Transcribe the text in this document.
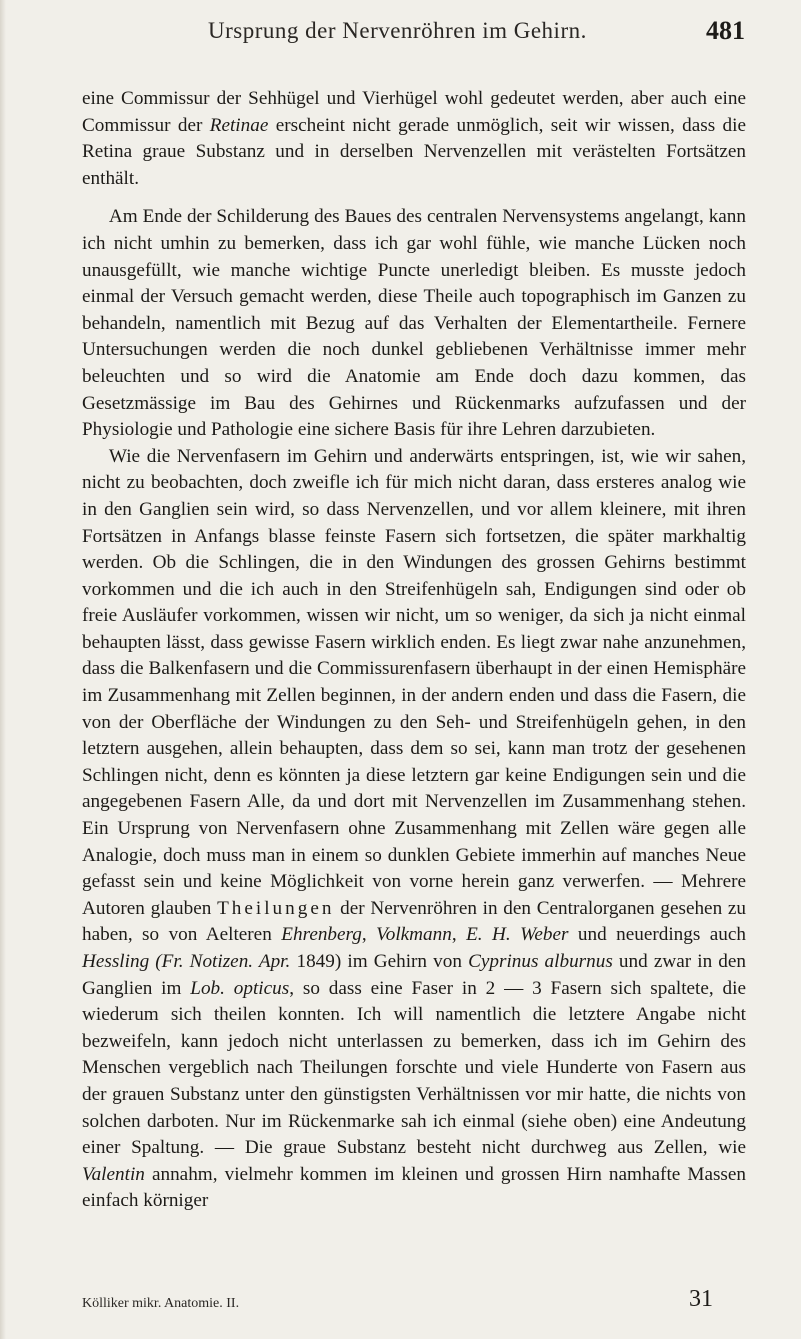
Ursprung der Nervenröhren im Gehirn.	481

eine Commissur der Sehhügel und Vierhügel wohl gedeutet werden, aber auch eine Commissur der Retinae erscheint nicht gerade unmöglich, seit wir wissen, dass die Retina graue Substanz und in derselben Nervenzellen mit verästelten Fortsätzen enthält.

Am Ende der Schilderung des Baues des centralen Nervensystems angelangt, kann ich nicht umhin zu bemerken, dass ich gar wohl fühle, wie manche Lücken noch unausgefüllt, wie manche wichtige Puncte unerledigt bleiben. Es musste jedoch einmal der Versuch gemacht werden, diese Theile auch topographisch im Ganzen zu behandeln, namentlich mit Bezug auf das Verhalten der Elementartheile. Fernere Untersuchungen werden die noch dunkel gebliebenen Verhältnisse immer mehr beleuchten und so wird die Anatomie am Ende doch dazu kommen, das Gesetzmässige im Bau des Gehirnes und Rückenmarks aufzufassen und der Physiologie und Pathologie eine sichere Basis für ihre Lehren darzubieten.

Wie die Nervenfasern im Gehirn und anderwärts entspringen, ist, wie wir sahen, nicht zu beobachten, doch zweifle ich für mich nicht daran, dass ersteres analog wie in den Ganglien sein wird, so dass Nervenzellen, und vor allem kleinere, mit ihren Fortsätzen in Anfangs blasse feinste Fasern sich fortsetzen, die später markhaltig werden. Ob die Schlingen, die in den Windungen des grossen Gehirns bestimmt vorkommen und die ich auch in den Streifenhügeln sah, Endigungen sind oder ob freie Ausläufer vorkommen, wissen wir nicht, um so weniger, da sich ja nicht einmal behaupten lässt, dass gewisse Fasern wirklich enden. Es liegt zwar nahe anzunehmen, dass die Balkenfasern und die Commissurenfasern überhaupt in der einen Hemisphäre im Zusammenhang mit Zellen beginnen, in der andern enden und dass die Fasern, die von der Oberfläche der Windungen zu den Seh- und Streifenhügeln gehen, in den letztern ausgehen, allein behaupten, dass dem so sei, kann man trotz der gesehenen Schlingen nicht, denn es könnten ja diese letztern gar keine Endigungen sein und die angegebenen Fasern Alle, da und dort mit Nervenzellen im Zusammenhang stehen. Ein Ursprung von Nervenfasern ohne Zusammenhang mit Zellen wäre gegen alle Analogie, doch muss man in einem so dunklen Gebiete immerhin auf manches Neue gefasst sein und keine Möglichkeit von vorne herein ganz verwerfen. — Mehrere Autoren glauben Theilungen der Nervenröhren in den Centralorganen gesehen zu haben, so von Aelteren Ehrenberg, Volkmann, E. H. Weber und neuerdings auch Hessling (Fr. Notizen. Apr. 1849) im Gehirn von Cyprinus alburnus und zwar in den Ganglien im Lob. opticus, so dass eine Faser in 2 — 3 Fasern sich spaltete, die wiederum sich theilen konnten. Ich will namentlich die letztere Angabe nicht bezweifeln, kann jedoch nicht unterlassen zu bemerken, dass ich im Gehirn des Menschen vergeblich nach Theilungen forschte und viele Hunderte von Fasern aus der grauen Substanz unter den günstigsten Verhältnissen vor mir hatte, die nichts von solchen darboten. Nur im Rückenmarke sah ich einmal (siehe oben) eine Andeutung einer Spaltung. — Die graue Substanz besteht nicht durchweg aus Zellen, wie Valentin annahm, vielmehr kommen im kleinen und grossen Hirn namhafte Massen einfach körniger

Kölliker mikr. Anatomie. II.	31
